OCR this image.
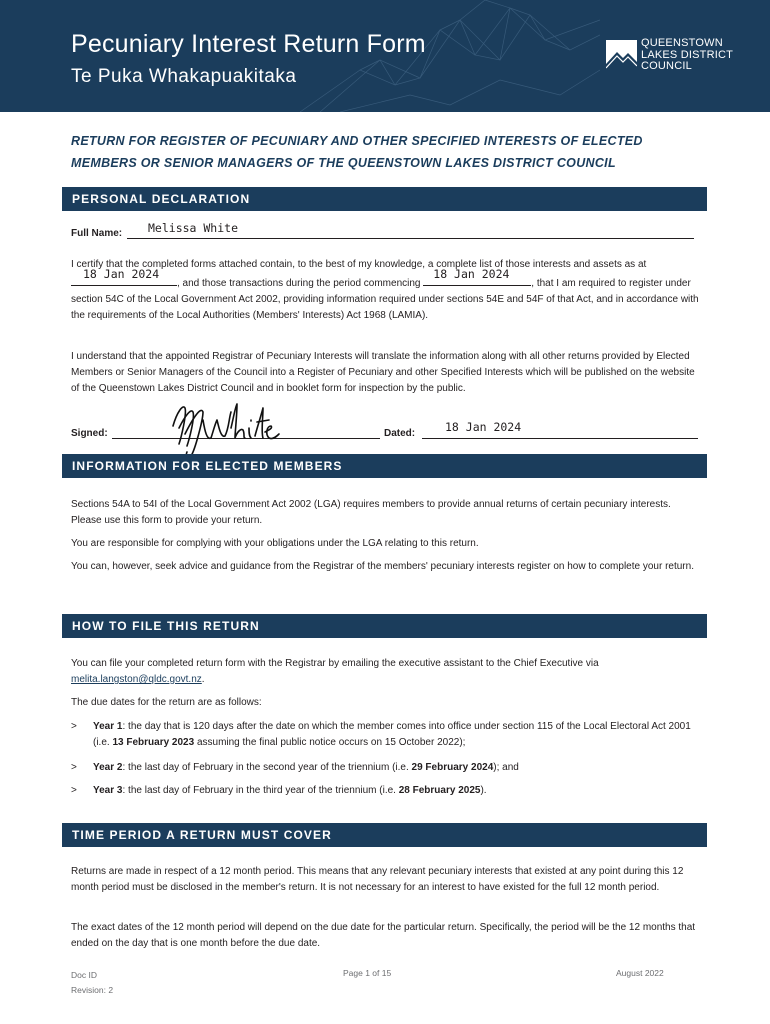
Pecuniary Interest Return Form
Te Puka Whakapuakitaka
QUEENSTOWN
LAKES DISTRICT
COUNCIL
RETURN FOR REGISTER OF PECUNIARY AND OTHER SPECIFIED INTERESTS OF ELECTED MEMBERS OR SENIOR MANAGERS OF THE QUEENSTOWN LAKES DISTRICT COUNCIL
PERSONAL DECLARATION
Full Name: Melissa White
I certify that the completed forms attached contain, to the best of my knowledge, a complete list of those interests and assets as at
18 Jan 2024
, and those transactions during the period commencing
18 Jan 2024
, that I am required to register under section 54C of the Local Government Act 2002, providing information required under sections 54E and 54F of that Act, and in accordance with the requirements of the Local Authorities (Members' Interests) Act 1968 (LAMIA).
I understand that the appointed Registrar of Pecuniary Interests will translate the information along with all other returns provided by Elected Members or Senior Managers of the Council into a Register of Pecuniary and other Specified Interests which will be published on the website of the Queenstown Lakes District Council and in booklet form for inspection by the public.
Signed:	Dated:	18 Jan 2024
INFORMATION FOR ELECTED MEMBERS
Sections 54A to 54I of the Local Government Act 2002 (LGA) requires members to provide annual returns of certain pecuniary interests. Please use this form to provide your return.
You are responsible for complying with your obligations under the LGA relating to this return.
You can, however, seek advice and guidance from the Registrar of the members' pecuniary interests register on how to complete your return.
HOW TO FILE THIS RETURN
You can file your completed return form with the Registrar by emailing the executive assistant to the Chief Executive via melita.langston@qldc.govt.nz.
The due dates for the return are as follows:
> Year 1: the day that is 120 days after the date on which the member comes into office under section 115 of the Local Electoral Act 2001 (i.e. 13 February 2023 assuming the final public notice occurs on 15 October 2022);
> Year 2: the last day of February in the second year of the triennium (i.e. 29 February 2024); and
> Year 3: the last day of February in the third year of the triennium (i.e. 28 February 2025).
TIME PERIOD A RETURN MUST COVER
Returns are made in respect of a 12 month period. This means that any relevant pecuniary interests that existed at any point during this 12 month period must be disclosed in the member's return. It is not necessary for an interest to have existed for the full 12 month period.
The exact dates of the 12 month period will depend on the due date for the particular return. Specifically, the period will be the 12 months that ended on the day that is one month before the due date.
Doc ID
Revision: 2
Page 1 of 15	August 2022
